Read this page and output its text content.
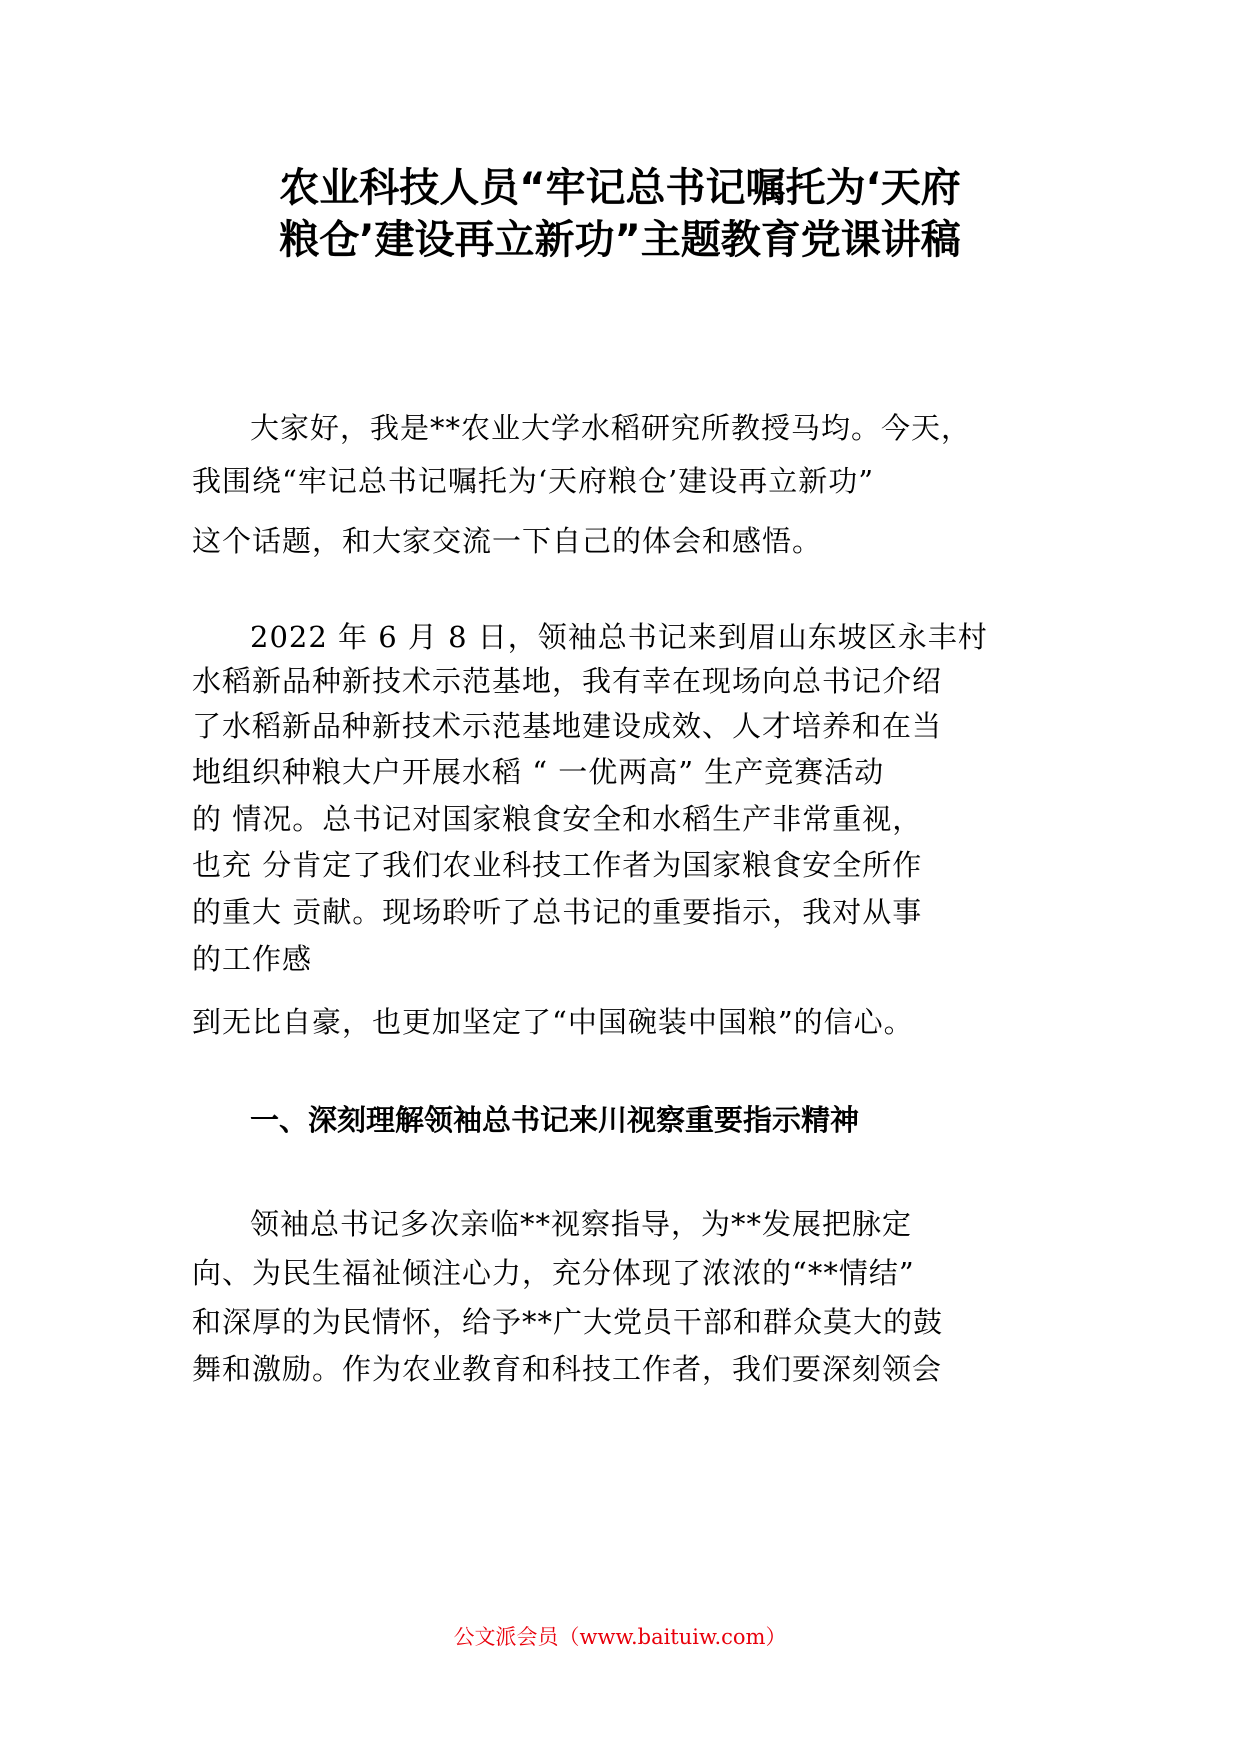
农业科技人员“牢记总书记嘱托为‘天府
粮仓’建设再立新功”主题教育党课讲稿
大家好，我是**农业大学水稻研究所教授马均。今天，
我围绕“牢记总书记嘱托为‘天府粮仓’建设再立新功”
这个话题，和大家交流一下自己的体会和感悟。
2022 年 6 月 8 日，领袖总书记来到眉山东坡区永丰村
水稻新品种新技术示范基地，我有幸在现场向总书记介绍
了水稻新品种新技术示范基地建设成效、人才培养和在当
地组织种粮大户开展水稻 “ 一优两高” 生产竞赛活动
的 情况。总书记对国家粮食安全和水稻生产非常重视，
也充 分肯定了我们农业科技工作者为国家粮食安全所作
的重大 贡献。现场聆听了总书记的重要指示，我对从事
的工作感
到无比自豪，也更加坚定了“中国碗装中国粮”的信心。
一、深刻理解领袖总书记来川视察重要指示精神
领袖总书记多次亲临**视察指导，为**发展把脉定
向、为民生福祉倾注心力，充分体现了浓浓的“**情结”
和深厚的为民情怀，给予**广大党员干部和群众莫大的鼓
舞和激励。作为农业教育和科技工作者，我们要深刻领会
公文派会员（www.baituiw.com）
